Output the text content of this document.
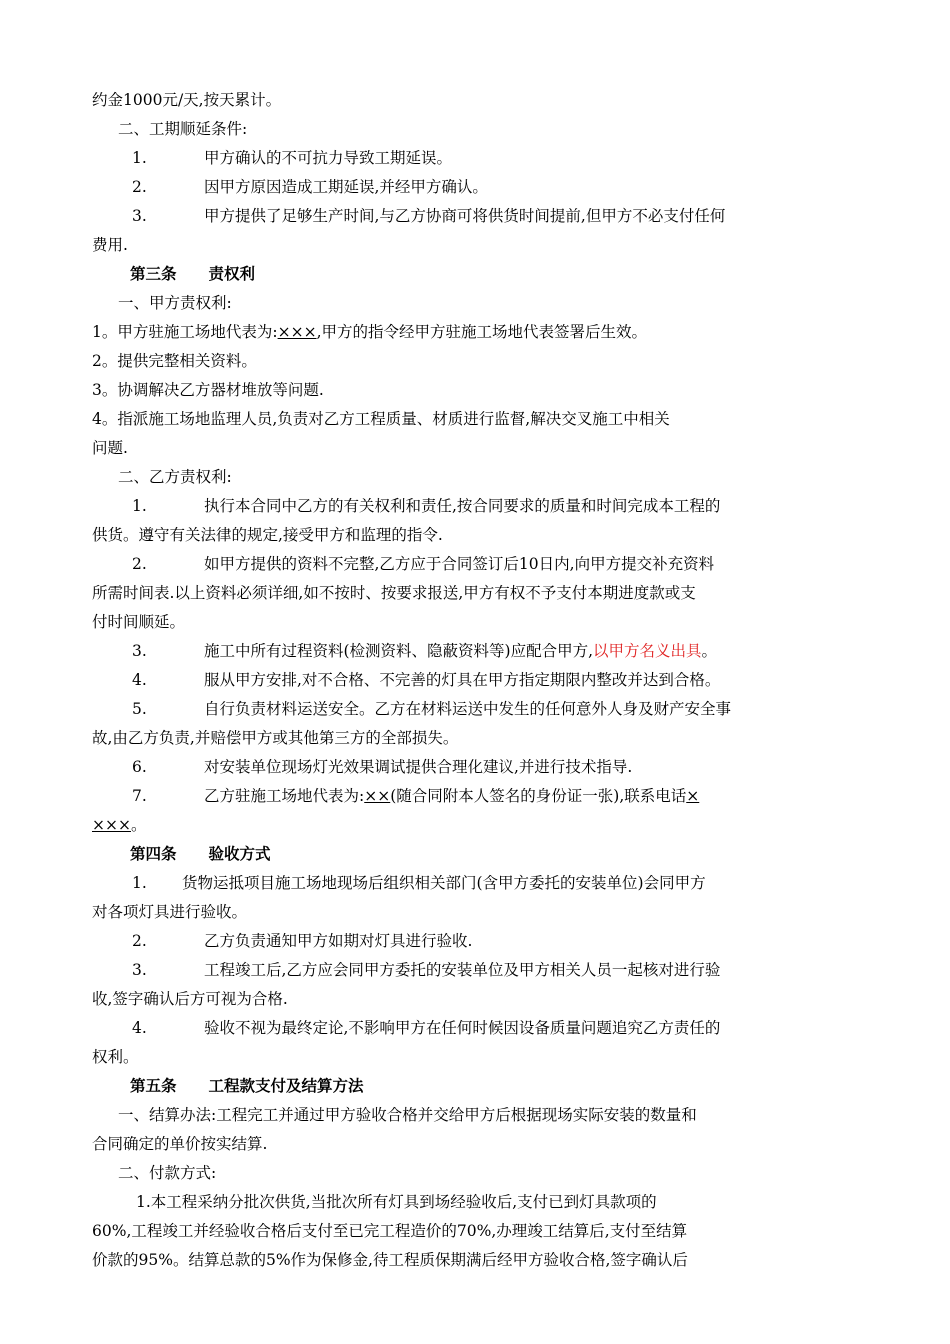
约金1000元/天,按天累计。
二、工期顺延条件:
1.	甲方确认的不可抗力导致工期延误。
2.	因甲方原因造成工期延误,并经甲方确认。
3.	甲方提供了足够生产时间,与乙方协商可将供货时间提前,但甲方不必支付任何
费用.
第三条 责权利
一、甲方责权利:
1。甲方驻施工场地代表为:×××,甲方的指令经甲方驻施工场地代表签署后生效。
2。提供完整相关资料。
3。协调解决乙方器材堆放等问题.
4。指派施工场地监理人员,负责对乙方工程质量、材质进行监督,解决交叉施工中相关
问题.
二、乙方责权利:
1.	执行本合同中乙方的有关权利和责任,按合同要求的质量和时间完成本工程的
供货。遵守有关法律的规定,接受甲方和监理的指令.
2.	如甲方提供的资料不完整,乙方应于合同签订后10日内,向甲方提交补充资料
所需时间表.以上资料必须详细,如不按时、按要求报送,甲方有权不予支付本期进度款或支
付时间顺延。
3.	施工中所有过程资料(检测资料、隐蔽资料等)应配合甲方,以甲方名义出具。
4.	服从甲方安排,对不合格、不完善的灯具在甲方指定期限内整改并达到合格。
5.	自行负责材料运送安全。乙方在材料运送中发生的任何意外人身及财产安全事
故,由乙方负责,并赔偿甲方或其他第三方的全部损失。
6.	对安装单位现场灯光效果调试提供合理化建议,并进行技术指导.
7.	乙方驻施工场地代表为:××(随合同附本人签名的身份证一张),联系电话×
×××。
第四条 验收方式
1.	货物运抵项目施工场地现场后组织相关部门(含甲方委托的安装单位)会同甲方
对各项灯具进行验收。
2.	乙方负责通知甲方如期对灯具进行验收.
3.	工程竣工后,乙方应会同甲方委托的安装单位及甲方相关人员一起核对进行验
收,签字确认后方可视为合格.
4.	验收不视为最终定论,不影响甲方在任何时候因设备质量问题追究乙方责任的
权利。
第五条 工程款支付及结算方法
一、结算办法:工程完工并通过甲方验收合格并交给甲方后根据现场实际安装的数量和
合同确定的单价按实结算.
二、付款方式:
1.本工程采纳分批次供货,当批次所有灯具到场经验收后,支付已到灯具款项的
60%,工程竣工并经验收合格后支付至已完工程造价的70%,办理竣工结算后,支付至结算
价款的95%。结算总款的5%作为保修金,待工程质保期满后经甲方验收合格,签字确认后
